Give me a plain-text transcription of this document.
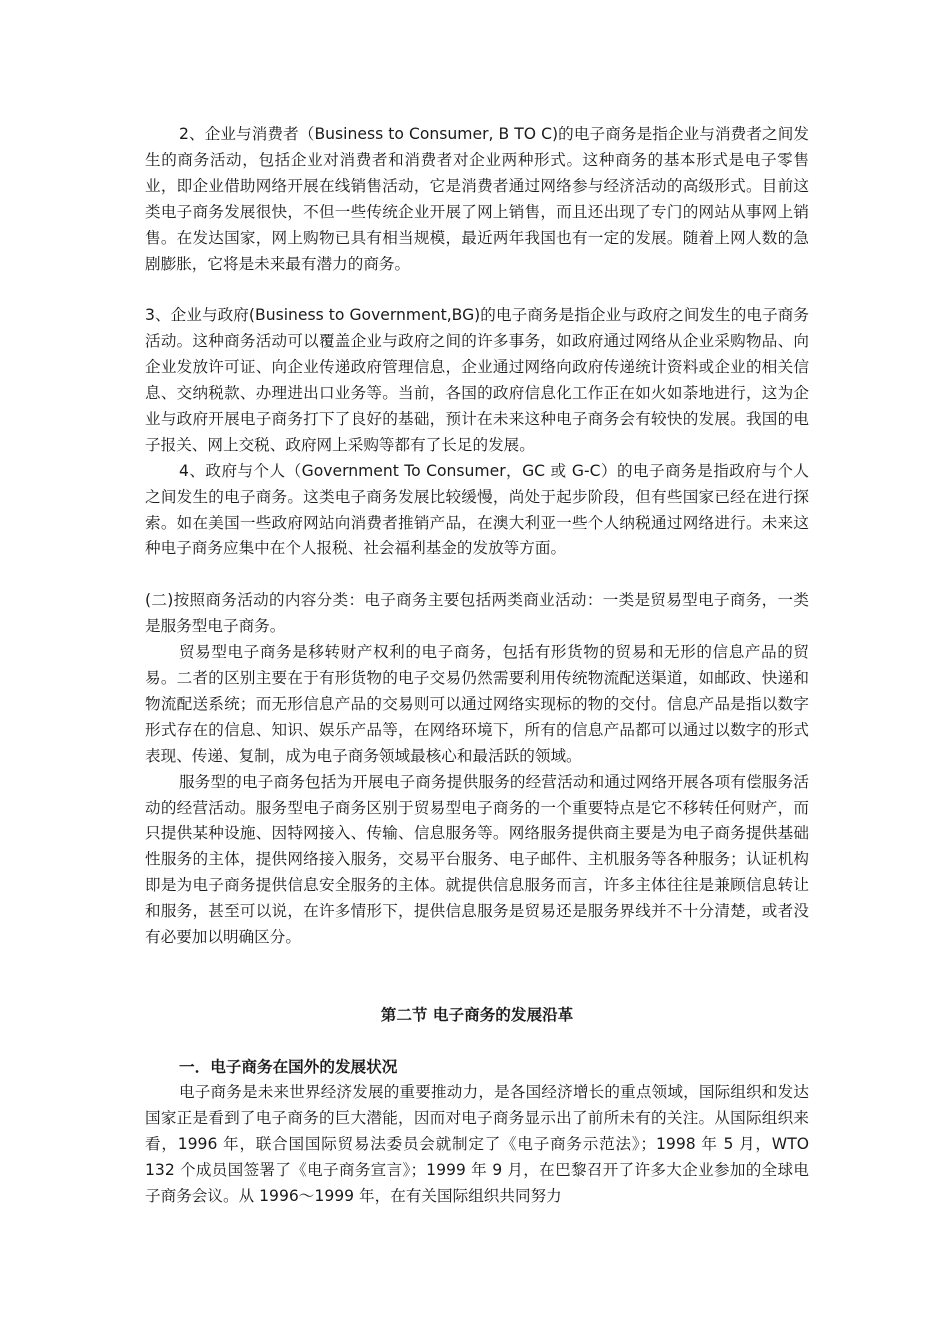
2、企业与消费者（Business to Consumer, B TO C)的电子商务是指企业与消费者之间发生的商务活动，包括企业对消费者和消费者对企业两种形式。这种商务的基本形式是电子零售业，即企业借助网络开展在线销售活动，它是消费者通过网络参与经济活动的高级形式。目前这类电子商务发展很快，不但一些传统企业开展了网上销售，而且还出现了专门的网站从事网上销售。在发达国家，网上购物已具有相当规模，最近两年我国也有一定的发展。随着上网人数的急剧膨胀，它将是未来最有潜力的商务。

3、企业与政府(Business to Government,BG)的电子商务是指企业与政府之间发生的电子商务活动。这种商务活动可以覆盖企业与政府之间的许多事务，如政府通过网络从企业采购物品、向企业发放许可证、向企业传递政府管理信息，企业通过网络向政府传递统计资料或企业的相关信息、交纳税款、办理进出口业务等。当前，各国的政府信息化工作正在如火如荼地进行，这为企业与政府开展电子商务打下了良好的基础，预计在未来这种电子商务会有较快的发展。我国的电子报关、网上交税、政府网上采购等都有了长足的发展。

4、政府与个人（Government To Consumer，GC 或 G-C）的电子商务是指政府与个人之间发生的电子商务。这类电子商务发展比较缓慢，尚处于起步阶段，但有些国家已经在进行探索。如在美国一些政府网站向消费者推销产品，在澳大利亚一些个人纳税通过网络进行。未来这种电子商务应集中在个人报税、社会福利基金的发放等方面。

(二)按照商务活动的内容分类：电子商务主要包括两类商业活动：一类是贸易型电子商务，一类是服务型电子商务。

贸易型电子商务是移转财产权利的电子商务，包括有形货物的贸易和无形的信息产品的贸易。二者的区别主要在于有形货物的电子交易仍然需要利用传统物流配送渠道，如邮政、快递和物流配送系统；而无形信息产品的交易则可以通过网络实现标的物的交付。信息产品是指以数字形式存在的信息、知识、娱乐产品等，在网络环境下，所有的信息产品都可以通过以数字的形式表现、传递、复制，成为电子商务领域最核心和最活跃的领域。

服务型的电子商务包括为开展电子商务提供服务的经营活动和通过网络开展各项有偿服务活动的经营活动。服务型电子商务区别于贸易型电子商务的一个重要特点是它不移转任何财产，而只提供某种设施、因特网接入、传输、信息服务等。网络服务提供商主要是为电子商务提供基础性服务的主体，提供网络接入服务，交易平台服务、电子邮件、主机服务等各种服务；认证机构即是为电子商务提供信息安全服务的主体。就提供信息服务而言，许多主体往往是兼顾信息转让和服务，甚至可以说，在许多情形下，提供信息服务是贸易还是服务界线并不十分清楚，或者没有必要加以明确区分。

第二节 电子商务的发展沿革
一．电子商务在国外的发展状况

电子商务是未来世界经济发展的重要推动力，是各国经济增长的重点领域，国际组织和发达国家正是看到了电子商务的巨大潜能，因而对电子商务显示出了前所未有的关注。从国际组织来看，1996 年，联合国国际贸易法委员会就制定了《电子商务示范法》；1998 年 5 月，WTO 132 个成员国签署了《电子商务宣言》；1999 年 9 月，在巴黎召开了许多大企业参加的全球电子商务会议。从 1996～1999 年，在有关国际组织共同努力
